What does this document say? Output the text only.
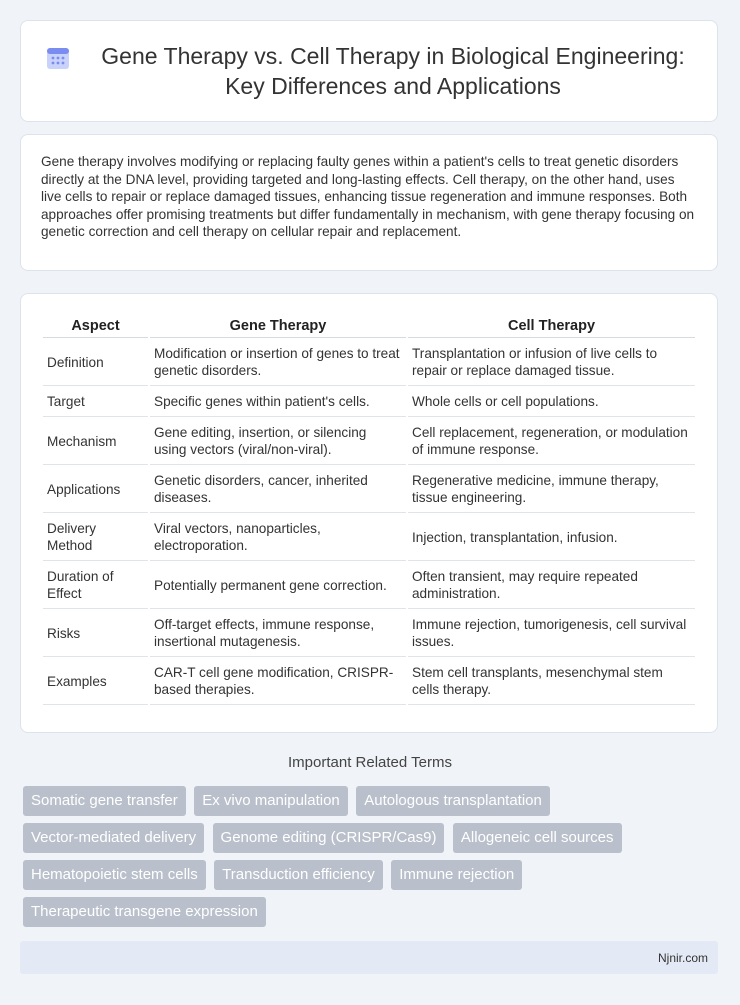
Gene Therapy vs. Cell Therapy in Biological Engineering: Key Differences and Applications

Gene therapy involves modifying or replacing faulty genes within a patient's cells to treat genetic disorders directly at the DNA level, providing targeted and long-lasting effects. Cell therapy, on the other hand, uses live cells to repair or replace damaged tissues, enhancing tissue regeneration and immune responses. Both approaches offer promising treatments but differ fundamentally in mechanism, with gene therapy focusing on genetic correction and cell therapy on cellular repair and replacement.

Aspect	Gene Therapy	Cell Therapy
Definition	Modification or insertion of genes to treat genetic disorders.	Transplantation or infusion of live cells to repair or replace damaged tissue.
Target	Specific genes within patient's cells.	Whole cells or cell populations.
Mechanism	Gene editing, insertion, or silencing using vectors (viral/non-viral).	Cell replacement, regeneration, or modulation of immune response.
Applications	Genetic disorders, cancer, inherited diseases.	Regenerative medicine, immune therapy, tissue engineering.
Delivery Method	Viral vectors, nanoparticles, electroporation.	Injection, transplantation, infusion.
Duration of Effect	Potentially permanent gene correction.	Often transient, may require repeated administration.
Risks	Off-target effects, immune response, insertional mutagenesis.	Immune rejection, tumorigenesis, cell survival issues.
Examples	CAR-T cell gene modification, CRISPR-based therapies.	Stem cell transplants, mesenchymal stem cells therapy.
Important Related Terms
Somatic gene transfer Ex vivo manipulation Autologous transplantation Vector-mediated delivery Genome editing (CRISPR/Cas9) Allogeneic cell sources Hematopoietic stem cells Transduction efficiency Immune rejection Therapeutic transgene expression
Njnir.com
